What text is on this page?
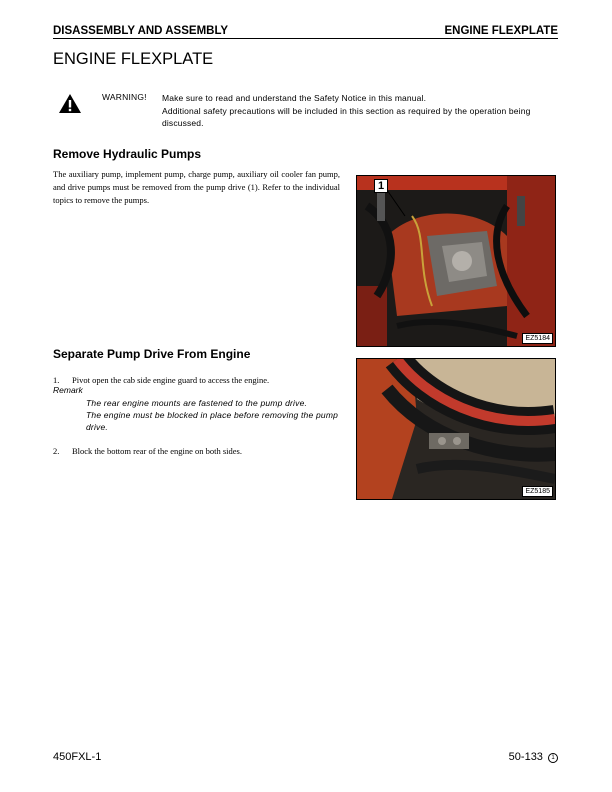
DISASSEMBLY AND ASSEMBLY	ENGINE FLEXPLATE
ENGINE FLEXPLATE
WARNING! Make sure to read and understand the Safety Notice in this manual.

Additional safety precautions will be included in this section as required by the operation being discussed.

Remove Hydraulic Pumps
The auxiliary pump, implement pump, charge pump, auxiliary oil cooler fan pump, and drive pumps must be removed from the pump drive (1). Refer to the individual topics to remove the pumps.
1
EZ5184
Separate Pump Drive From Engine
1. Pivot open the cab side engine guard to access the engine.
Remark

The rear engine mounts are fastened to the pump drive.

The engine must be blocked in place before removing the pump drive.

2. Block the bottom rear of the engine on both sides.
EZ5185
450FXL-1	50-133 1
